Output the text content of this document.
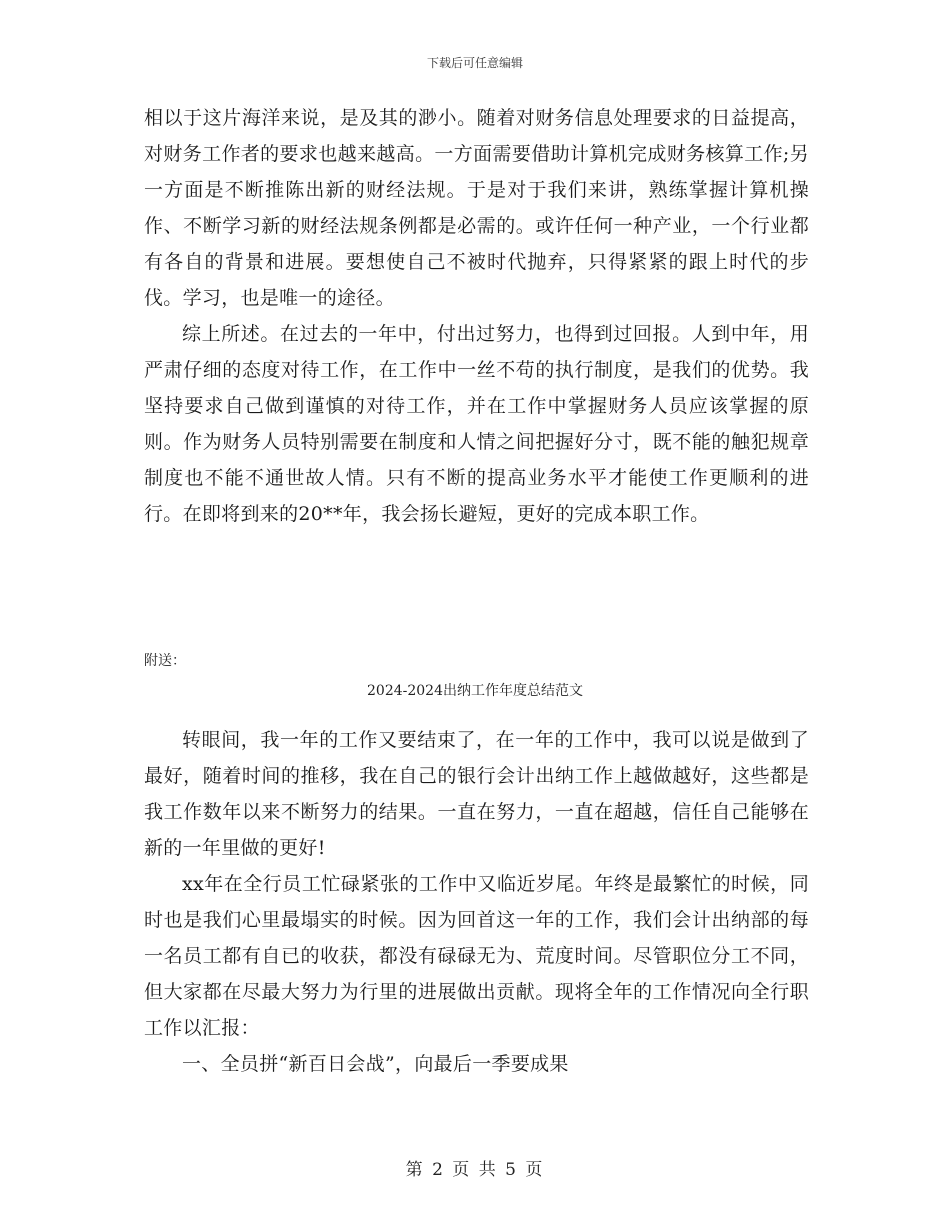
下载后可任意编辑

相以于这片海洋来说，是及其的渺小。随着对财务信息处理要求的日益提高，对财务工作者的要求也越来越高。一方面需要借助计算机完成财务核算工作;另一方面是不断推陈出新的财经法规。于是对于我们来讲，熟练掌握计算机操作、不断学习新的财经法规条例都是必需的。或许任何一种产业，一个行业都有各自的背景和进展。要想使自己不被时代抛弃，只得紧紧的跟上时代的步伐。学习，也是唯一的途径。

综上所述。在过去的一年中，付出过努力，也得到过回报。人到中年，用严肃仔细的态度对待工作，在工作中一丝不苟的执行制度，是我们的优势。我坚持要求自己做到谨慎的对待工作，并在工作中掌握财务人员应该掌握的原则。作为财务人员特别需要在制度和人情之间把握好分寸，既不能的触犯规章制度也不能不通世故人情。只有不断的提高业务水平才能使工作更顺利的进行。在即将到来的20**年，我会扬长避短，更好的完成本职工作。

附送：
2024-2024出纳工作年度总结范文

转眼间，我一年的工作又要结束了，在一年的工作中，我可以说是做到了最好，随着时间的推移，我在自己的银行会计出纳工作上越做越好，这些都是我工作数年以来不断努力的结果。一直在努力，一直在超越，信任自己能够在新的一年里做的更好!

xx年在全行员工忙碌紧张的工作中又临近岁尾。年终是最繁忙的时候，同时也是我们心里最塌实的时候。因为回首这一年的工作，我们会计出纳部的每一名员工都有自已的收获，都没有碌碌无为、荒度时间。尽管职位分工不同，但大家都在尽最大努力为行里的进展做出贡献。现将全年的工作情况向全行职工作以汇报：

一、全员拼“新百日会战”，向最后一季要成果

第 2 页 共 5 页
